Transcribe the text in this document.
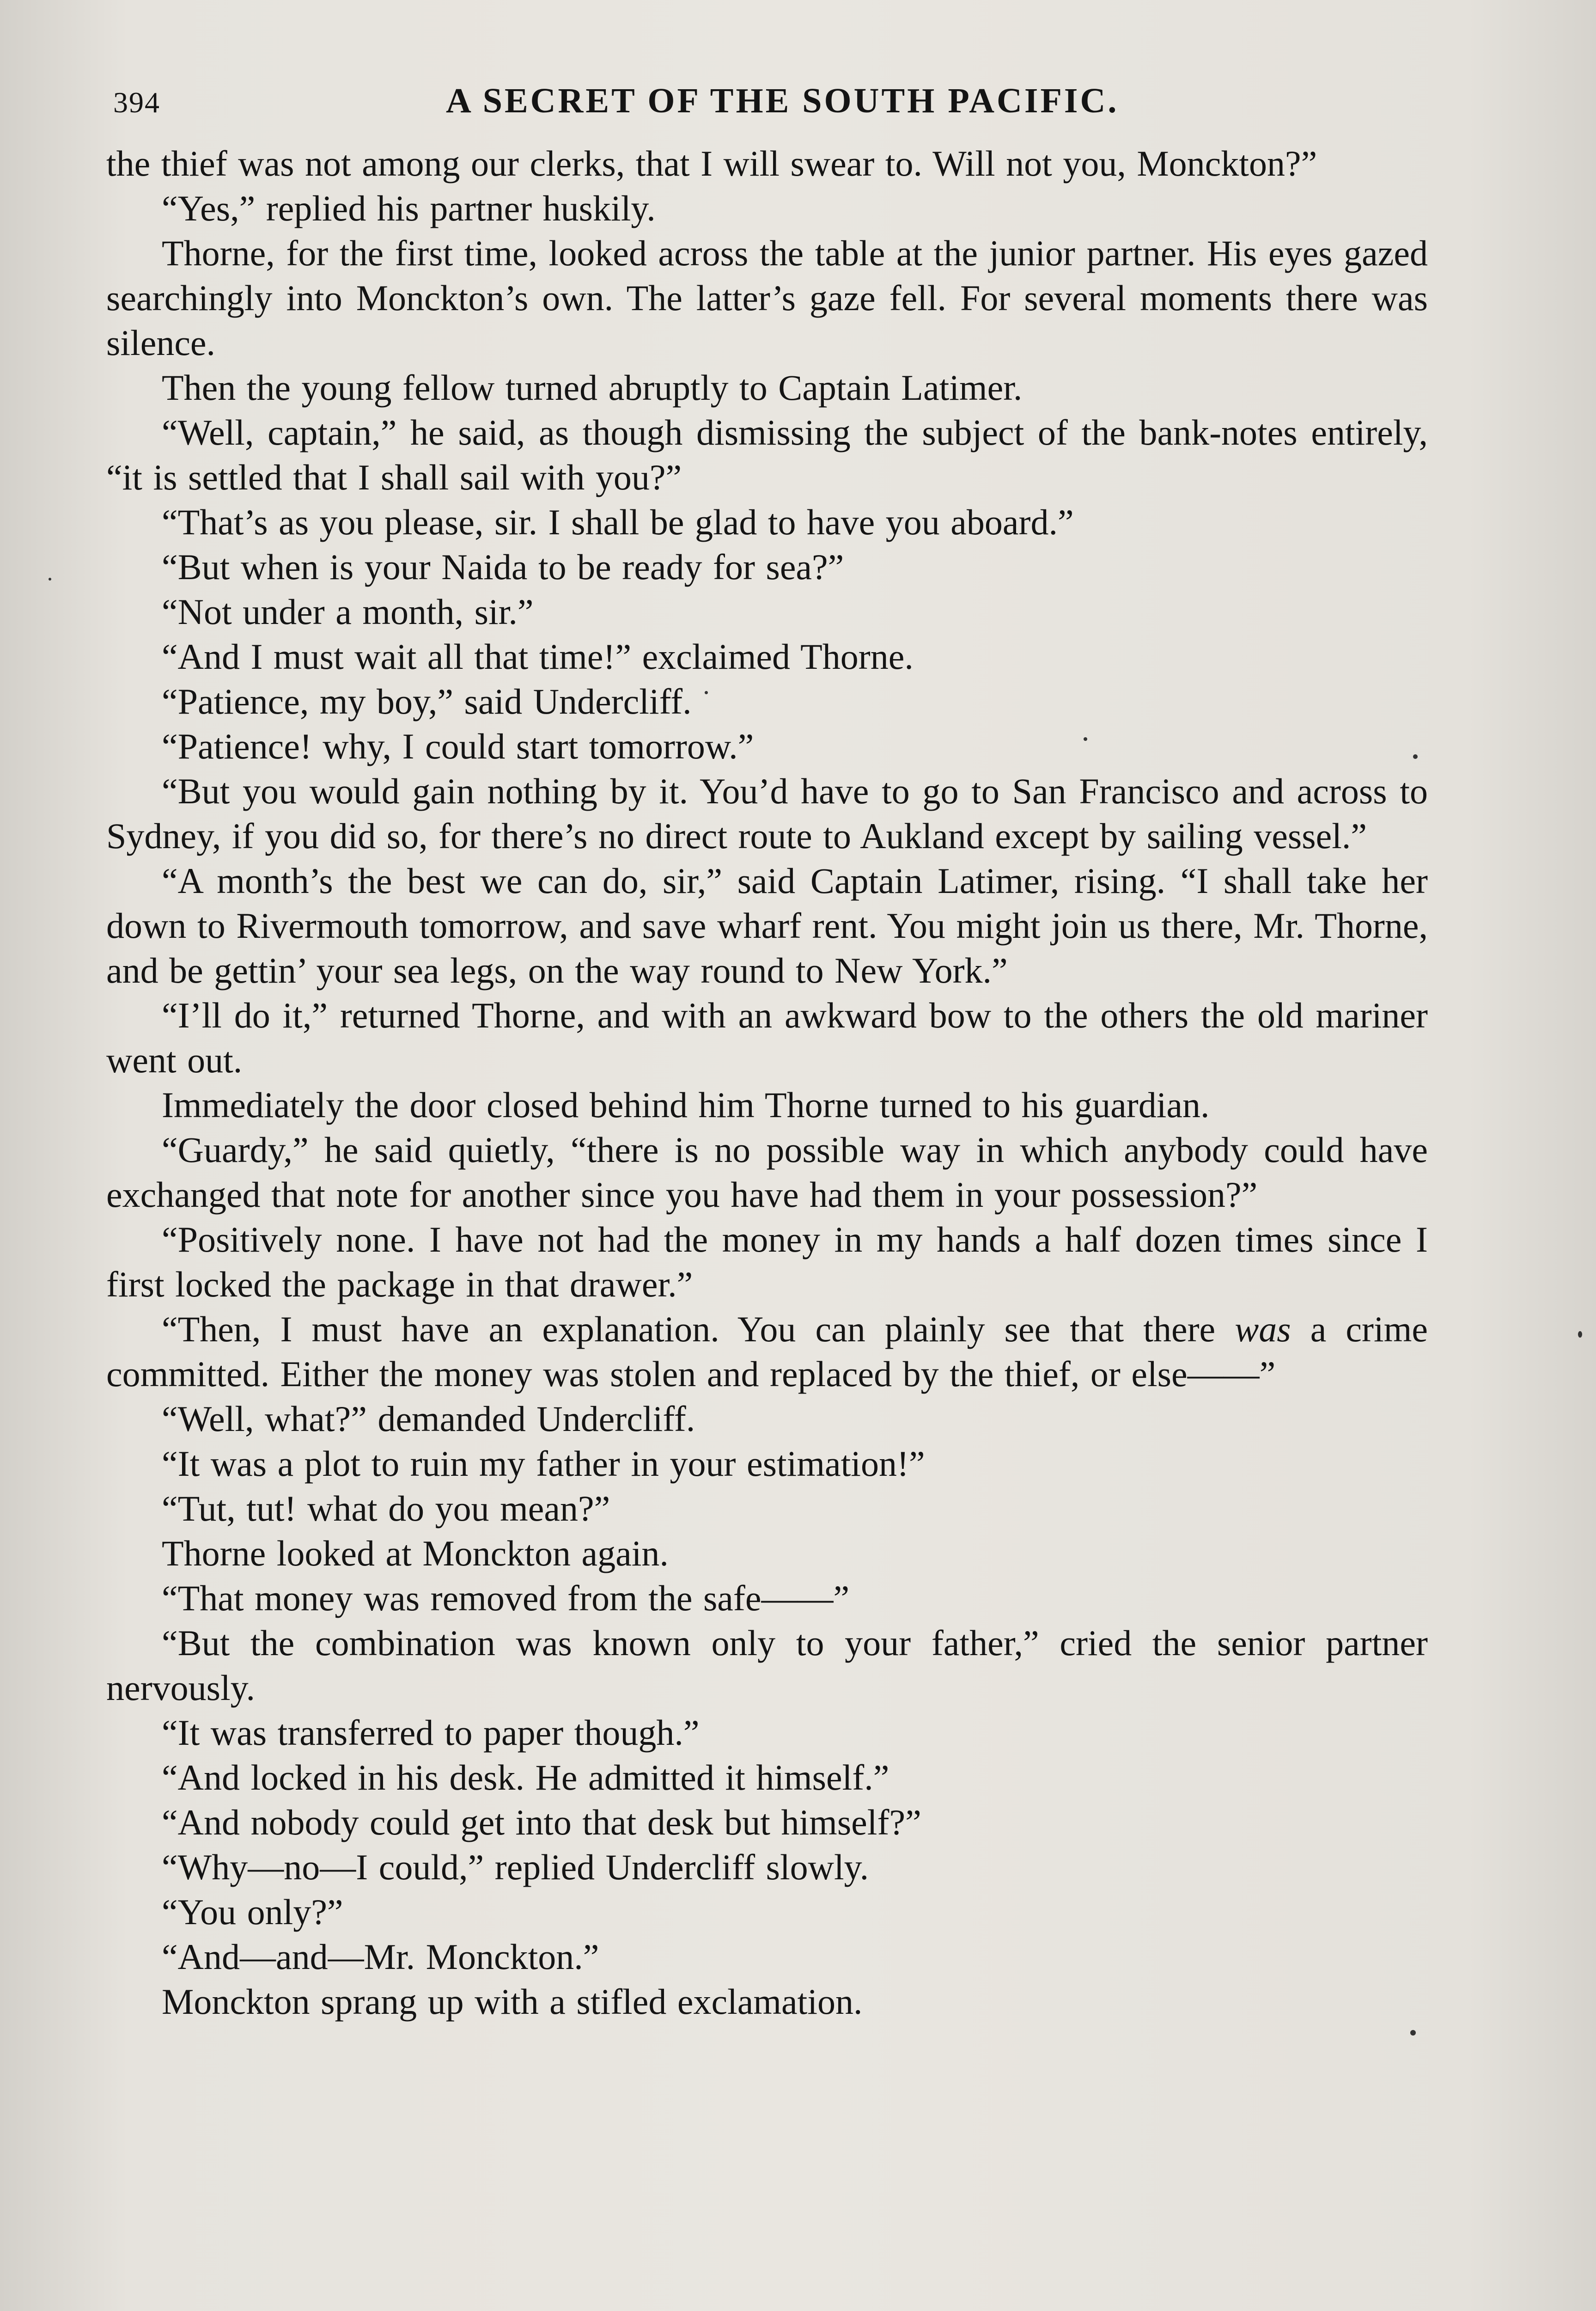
394	A SECRET OF THE SOUTH PACIFIC.

the thief was not among our clerks, that I will swear to. Will not you, Monckton?”

“Yes,” replied his partner huskily.

Thorne, for the first time, looked across the table at the junior partner. His eyes gazed searchingly into Monckton’s own. The latter’s gaze fell. For several moments there was silence.

Then the young fellow turned abruptly to Captain Latimer.

“Well, captain,” he said, as though dismissing the subject of the bank-notes entirely, “it is settled that I shall sail with you?”

“That’s as you please, sir. I shall be glad to have you aboard.”

“But when is your Naida to be ready for sea?”

“Not under a month, sir.”

“And I must wait all that time!” exclaimed Thorne.

“Patience, my boy,” said Undercliff.

“Patience! why, I could start tomorrow.”

“But you would gain nothing by it. You’d have to go to San Francisco and across to Sydney, if you did so, for there’s no direct route to Aukland except by sailing vessel.”

“A month’s the best we can do, sir,” said Captain Latimer, rising. “I shall take her down to Rivermouth tomorrow, and save wharf rent. You might join us there, Mr. Thorne, and be gettin’ your sea legs, on the way round to New York.”

“I’ll do it,” returned Thorne, and with an awkward bow to the others the old mariner went out.

Immediately the door closed behind him Thorne turned to his guardian.

“Guardy,” he said quietly, “there is no possible way in which anybody could have exchanged that note for another since you have had them in your possession?”

“Positively none. I have not had the money in my hands a half dozen times since I first locked the package in that drawer.”

“Then, I must have an explanation. You can plainly see that there was a crime committed. Either the money was stolen and replaced by the thief, or else——”

“Well, what?” demanded Undercliff.

“It was a plot to ruin my father in your estimation!”

“Tut, tut! what do you mean?”

Thorne looked at Monckton again.

“That money was removed from the safe——”

“But the combination was known only to your father,” cried the senior partner nervously.

“It was transferred to paper though.”

“And locked in his desk. He admitted it himself.”

“And nobody could get into that desk but himself?”

“Why—no—I could,” replied Undercliff slowly.

“You only?”

“And—and—Mr. Monckton.”

Monckton sprang up with a stifled exclamation.
